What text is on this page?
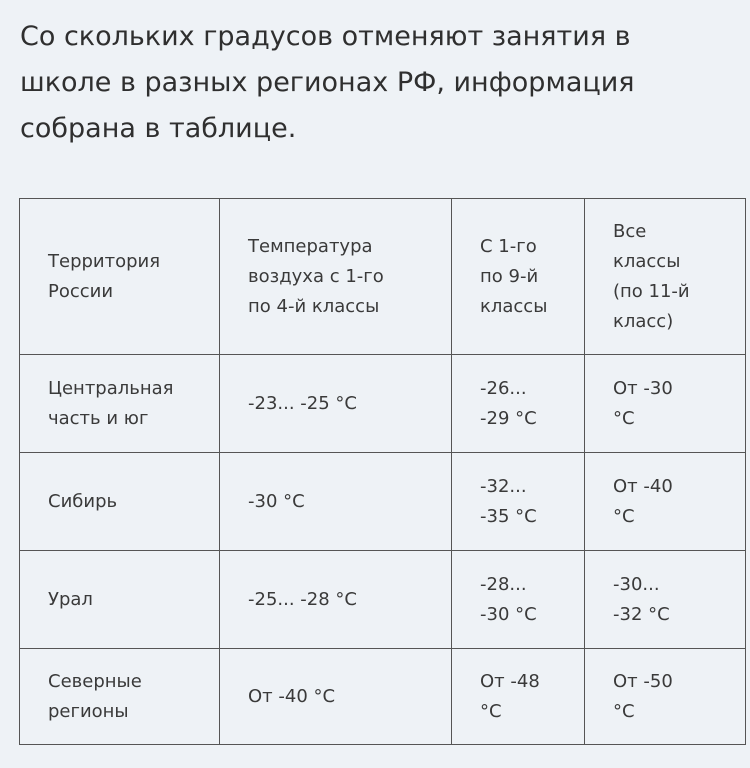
Со скольких градусов отменяют занятия в школе в разных регионах РФ, информация собрана в таблице.

Территория
России	Температура
воздуха с 1-го
по 4-й классы	С 1-го
по 9-й
классы	Все
классы
(по 11-й
класс)

Центральная
часть и юг	-23... -25 °С	-26...
-29 °С	От -30
°С

Сибирь	-30 °С	-32...
-35 °С	От -40
°С

Урал	-25... -28 °С	-28...
-30 °С	-30...
-32 °С

Северные
регионы	От -40 °С	От -48
°С	От -50
°С
